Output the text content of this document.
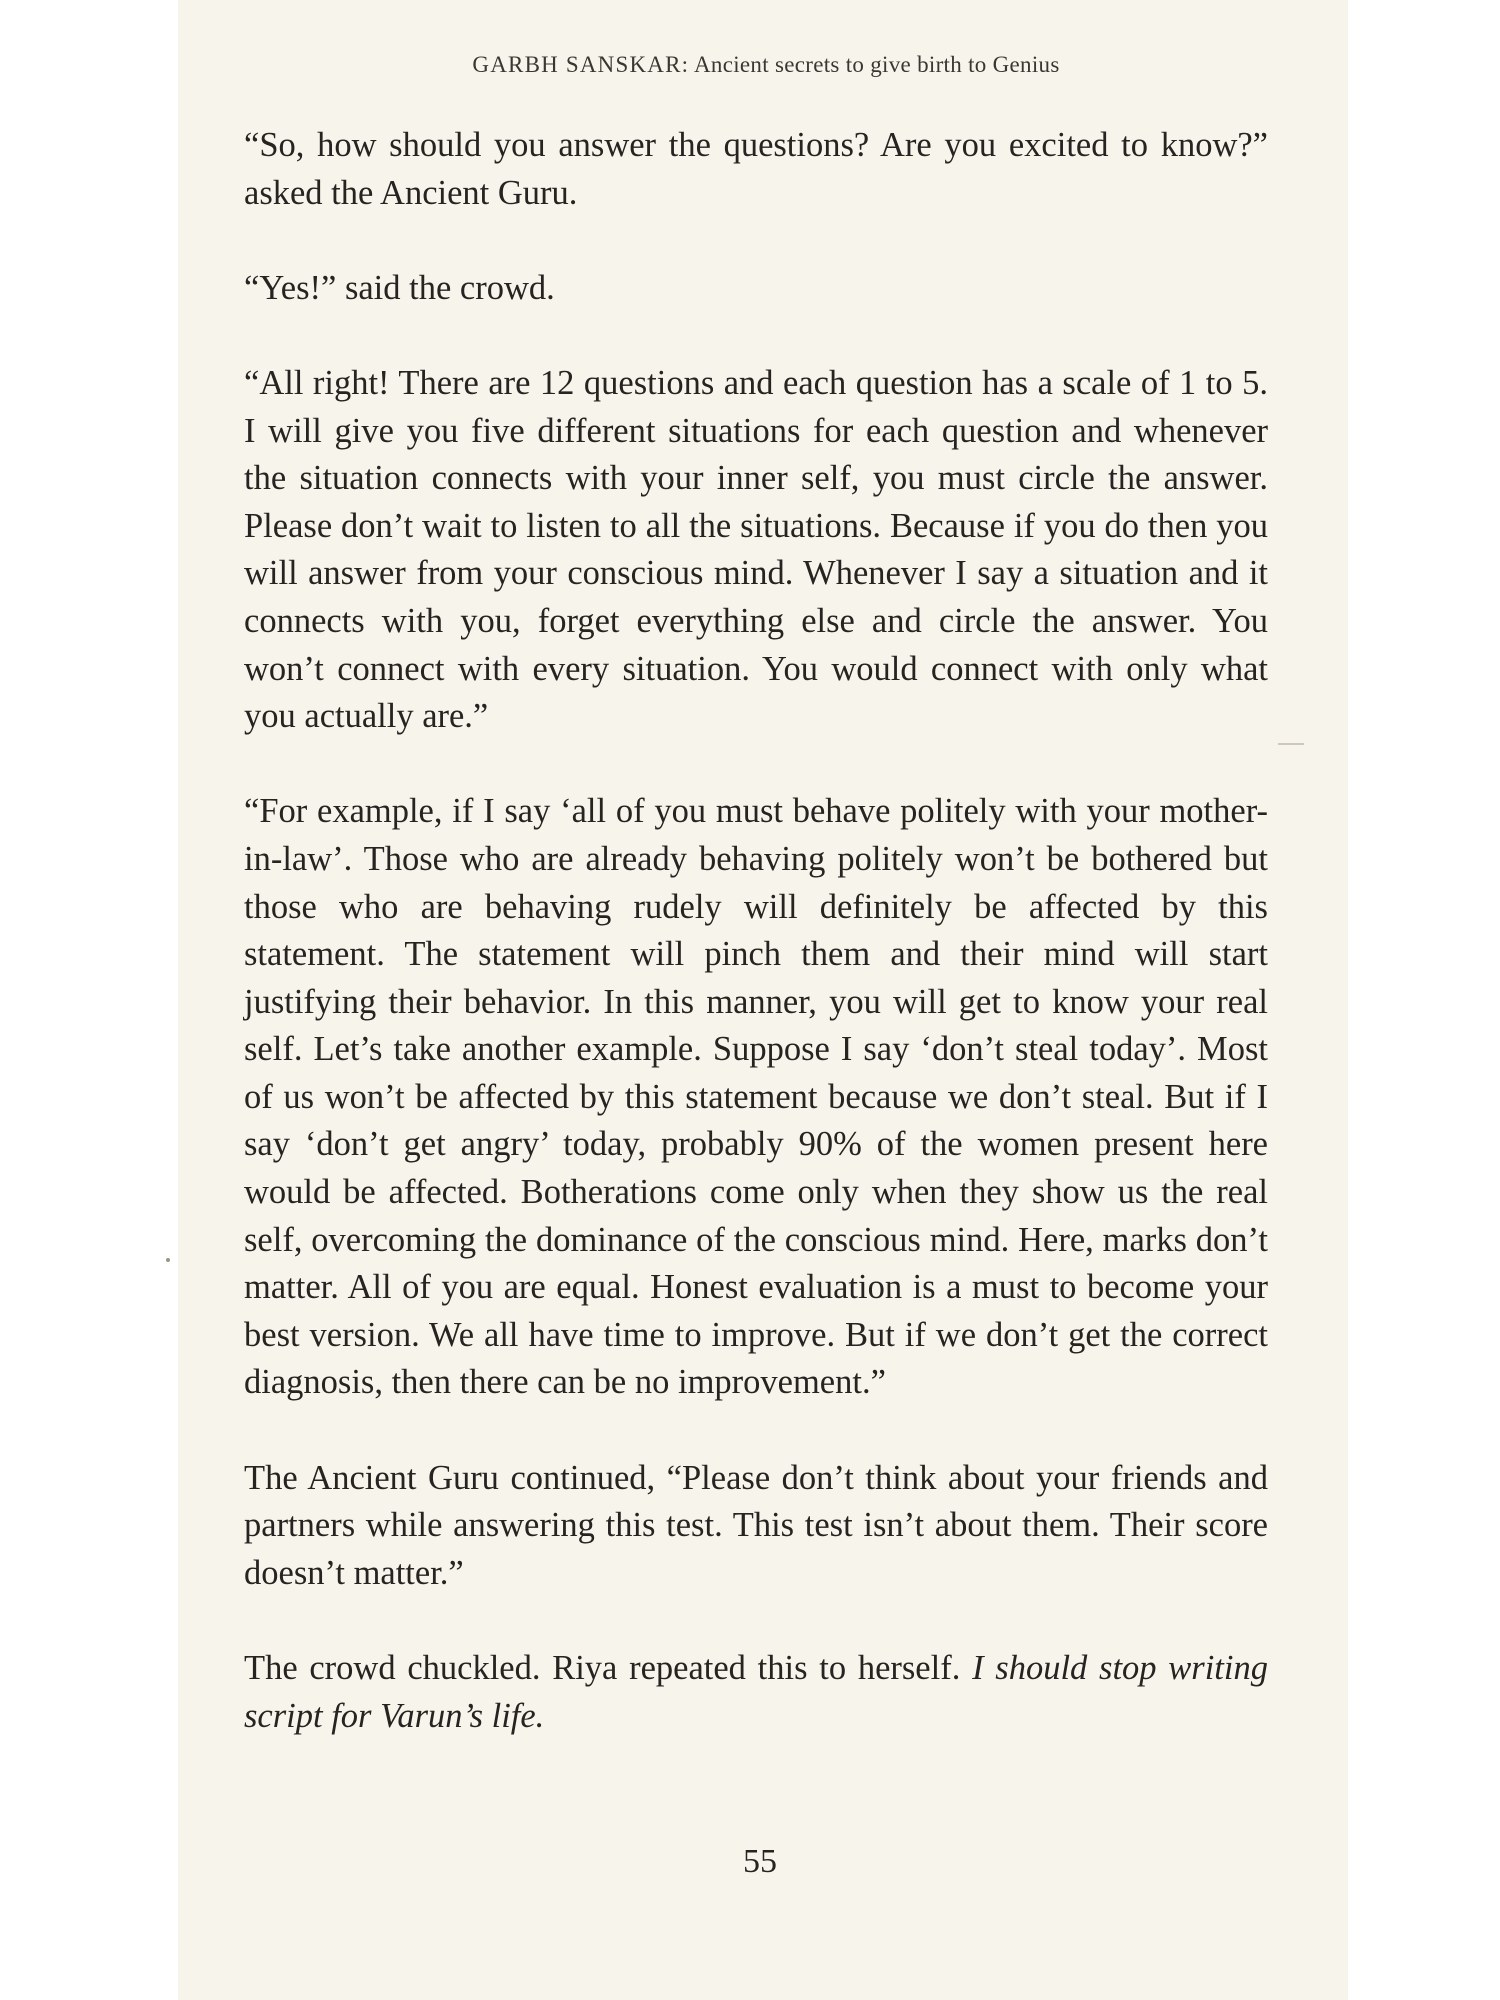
GARBH SANSKAR: Ancient secrets to give birth to Genius

“So, how should you answer the questions? Are you excited to know?” asked the Ancient Guru.

“Yes!” said the crowd.

“All right! There are 12 questions and each question has a scale of 1 to 5. I will give you five different situations for each question and whenever the situation connects with your inner self, you must circle the answer. Please don’t wait to listen to all the situations. Because if you do then you will answer from your conscious mind. Whenever I say a situation and it connects with you, forget everything else and circle the answer. You won’t connect with every situation. You would connect with only what you actually are.”

“For example, if I say ‘all of you must behave politely with your mother-in-law’. Those who are already behaving politely won’t be bothered but those who are behaving rudely will definitely be affected by this statement. The statement will pinch them and their mind will start justifying their behavior. In this manner, you will get to know your real self. Let’s take another example. Suppose I say ‘don’t steal today’. Most of us won’t be affected by this statement because we don’t steal. But if I say ‘don’t get angry’ today, probably 90% of the women present here would be affected. Botherations come only when they show us the real self, overcoming the dominance of the conscious mind. Here, marks don’t matter. All of you are equal. Honest evaluation is a must to become your best version. We all have time to improve. But if we don’t get the correct diagnosis, then there can be no improvement.”

The Ancient Guru continued, “Please don’t think about your friends and partners while answering this test. This test isn’t about them. Their score doesn’t matter.”

The crowd chuckled. Riya repeated this to herself. I should stop writing script for Varun’s life.

55
